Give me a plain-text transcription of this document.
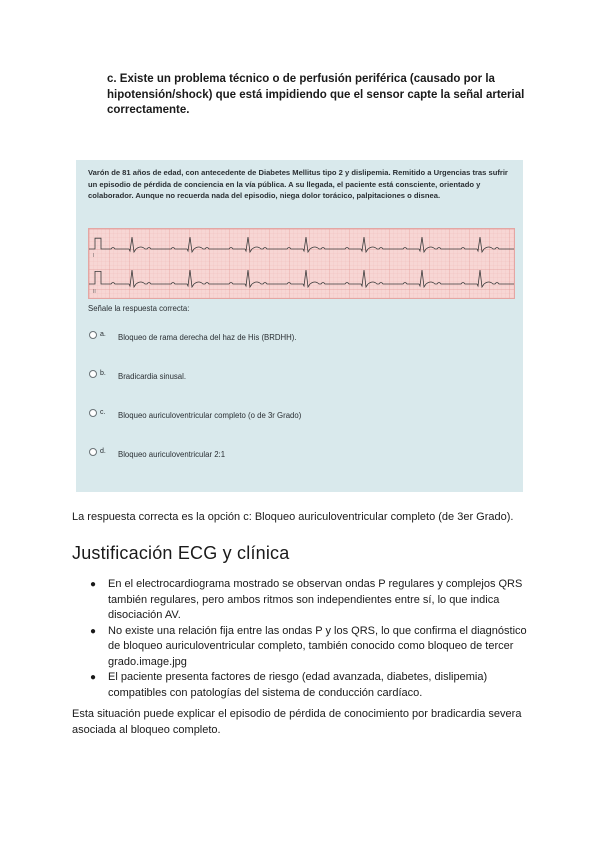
c. Existe un problema técnico o de perfusión periférica (causado por la hipotensión/shock) que está impidiendo que el sensor capte la señal arterial correctamente.
Varón de 81 años de edad, con antecedente de Diabetes Mellitus tipo 2 y dislipemia. Remitido a Urgencias tras sufrir un episodio de pérdida de conciencia en la vía pública. A su llegada, el paciente está consciente, orientado y colaborador. Aunque no recuerda nada del episodio, niega dolor torácico, palpitaciones o disnea.
I
II
Señale la respuesta correcta:
a. Bloqueo de rama derecha del haz de His (BRDHH).
b. Bradicardia sinusal.
c. Bloqueo auriculoventricular completo (o de 3r Grado)
d. Bloqueo auriculoventricular 2:1
La respuesta correcta es la opción c: Bloqueo auriculoventricular completo (de 3er Grado).
Justificación ECG y clínica
● En el electrocardiograma mostrado se observan ondas P regulares y complejos QRS también regulares, pero ambos ritmos son independientes entre sí, lo que indica disociación AV.
● No existe una relación fija entre las ondas P y los QRS, lo que confirma el diagnóstico de bloqueo auriculoventricular completo, también conocido como bloqueo de tercer grado.image.jpg
● El paciente presenta factores de riesgo (edad avanzada, diabetes, dislipemia) compatibles con patologías del sistema de conducción cardíaco.
Esta situación puede explicar el episodio de pérdida de conocimiento por bradicardia severa asociada al bloqueo completo.
